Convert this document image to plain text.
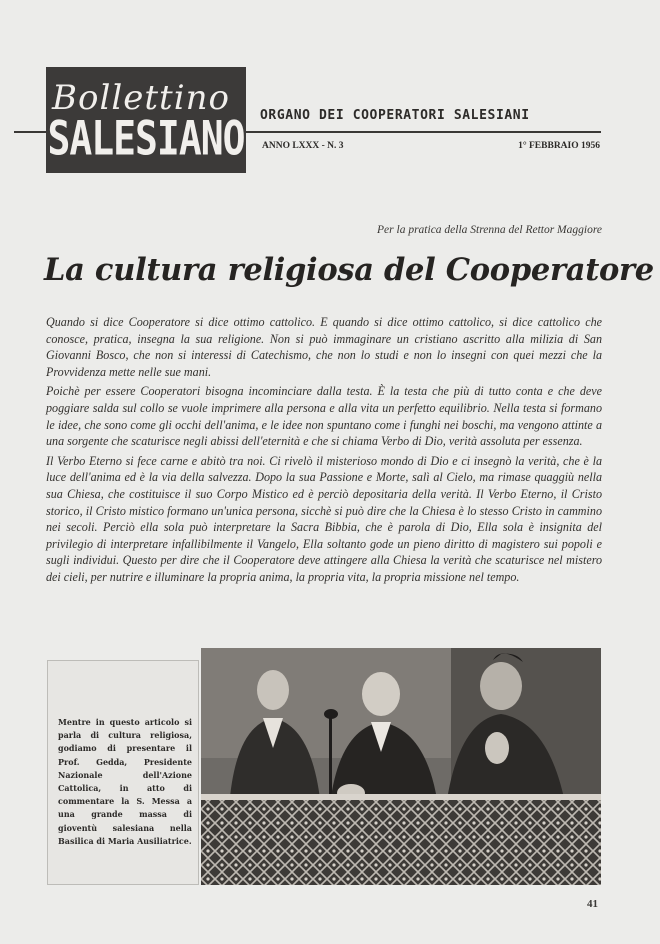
Bollettino
SALESIANO ORGANO DEI COOPERATORI SALESIANI
ANNO LXXX - N. 3	1° FEBBRAIO 1956
Per la pratica della Strenna del Rettor Maggiore
La cultura religiosa del Cooperatore

Quando si dice Cooperatore si dice ottimo cattolico. E quando si dice ottimo cattolico, si dice cattolico che conosce, pratica, insegna la sua religione. Non si può immaginare un cristiano ascritto alla milizia di San Giovanni Bosco, che non si interessi di Catechismo, che non lo studi e non lo insegni con quei mezzi che la Provvidenza mette nelle sue mani.

Poichè per essere Cooperatori bisogna incominciare dalla testa. È la testa che più di tutto conta e che deve poggiare salda sul collo se vuole imprimere alla persona e alla vita un perfetto equilibrio. Nella testa si formano le idee, che sono come gli occhi dell'anima, e le idee non spuntano come i funghi nei boschi, ma vengono attinte a una sorgente che scaturisce negli abissi dell'eternità e che si chiama Verbo di Dio, verità assoluta per essenza.

Il Verbo Eterno si fece carne e abitò tra noi. Ci rivelò il misterioso mondo di Dio e ci insegnò la verità, che è la luce dell'anima ed è la via della salvezza. Dopo la sua Passione e Morte, salì al Cielo, ma rimase quaggiù nella sua Chiesa, che costituisce il suo Corpo Mistico ed è perciò depositaria della verità. Il Verbo Eterno, il Cristo storico, il Cristo mistico formano un'unica persona, sicchè si può dire che la Chiesa è lo stesso Cristo in cammino nei secoli. Perciò ella sola può interpretare la Sacra Bibbia, che è parola di Dio, Ella sola è insignita del privilegio di interpretare infallibilmente il Vangelo, Ella soltanto gode un pieno diritto di magistero sui popoli e sugli individui. Questo per dire che il Cooperatore deve attingere alla Chiesa la verità che scaturisce nel mistero dei cieli, per nutrire e illuminare la propria anima, la propria vita, la propria missione nel tempo.

Mentre in questo articolo si parla di cultura religiosa, godiamo di presentare il Prof. Gedda, Presidente Nazionale dell'Azione Cattolica, in atto di commentare la S. Messa a una grande massa di gioventù salesiana nella Basilica di Maria Ausiliatrice.
41
